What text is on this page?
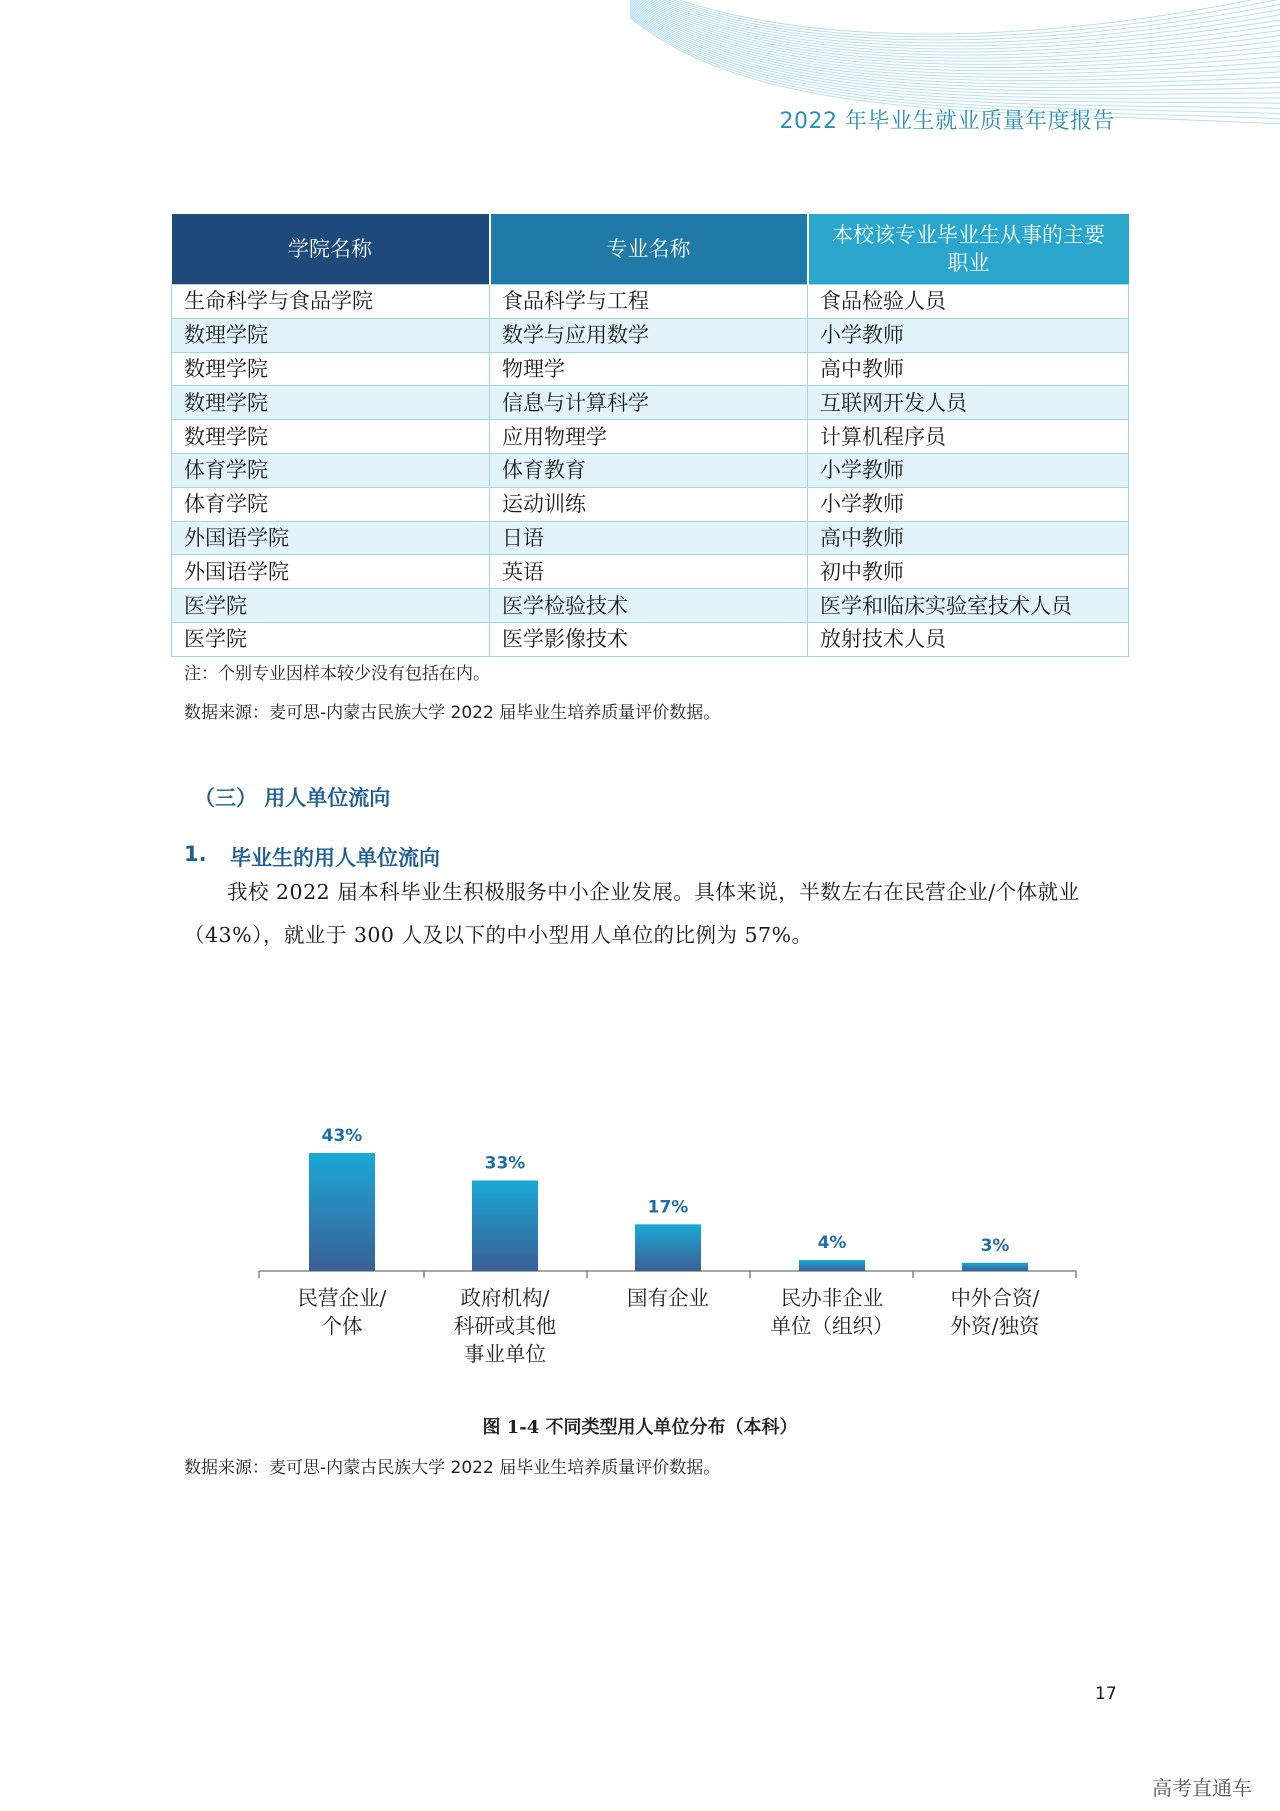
2022 年毕业生就业质量年度报告
学院名称	专业名称	本校该专业毕业生从事的主要职业
生命科学与食品学院	食品科学与工程	食品检验人员
数理学院	数学与应用数学	小学教师
数理学院	物理学	高中教师
数理学院	信息与计算科学	互联网开发人员
数理学院	应用物理学	计算机程序员
体育学院	体育教育	小学教师
体育学院	运动训练	小学教师
外国语学院	日语	高中教师
外国语学院	英语	初中教师
医学院	医学检验技术	医学和临床实验室技术人员
医学院	医学影像技术	放射技术人员
注：个别专业因样本较少没有包括在内。
数据来源：麦可思-内蒙古民族大学 2022 届毕业生培养质量评价数据。
（三） 用人单位流向
1. 毕业生的用人单位流向
我校 2022 届本科毕业生积极服务中小企业发展。具体来说，半数左右在民营企业/个体就业（43%），就业于 300 人及以下的中小型用人单位的比例为 57%。
43%
33%
17%
4%	3%
民营企业/
个体
政府机构/
科研或其他
事业单位
国有企业	民办非企业
单位（组织）
中外合资/
外资/独资
图 1-4 不同类型用人单位分布（本科）
数据来源：麦可思-内蒙古民族大学 2022 届毕业生培养质量评价数据。
17
高考直通车
